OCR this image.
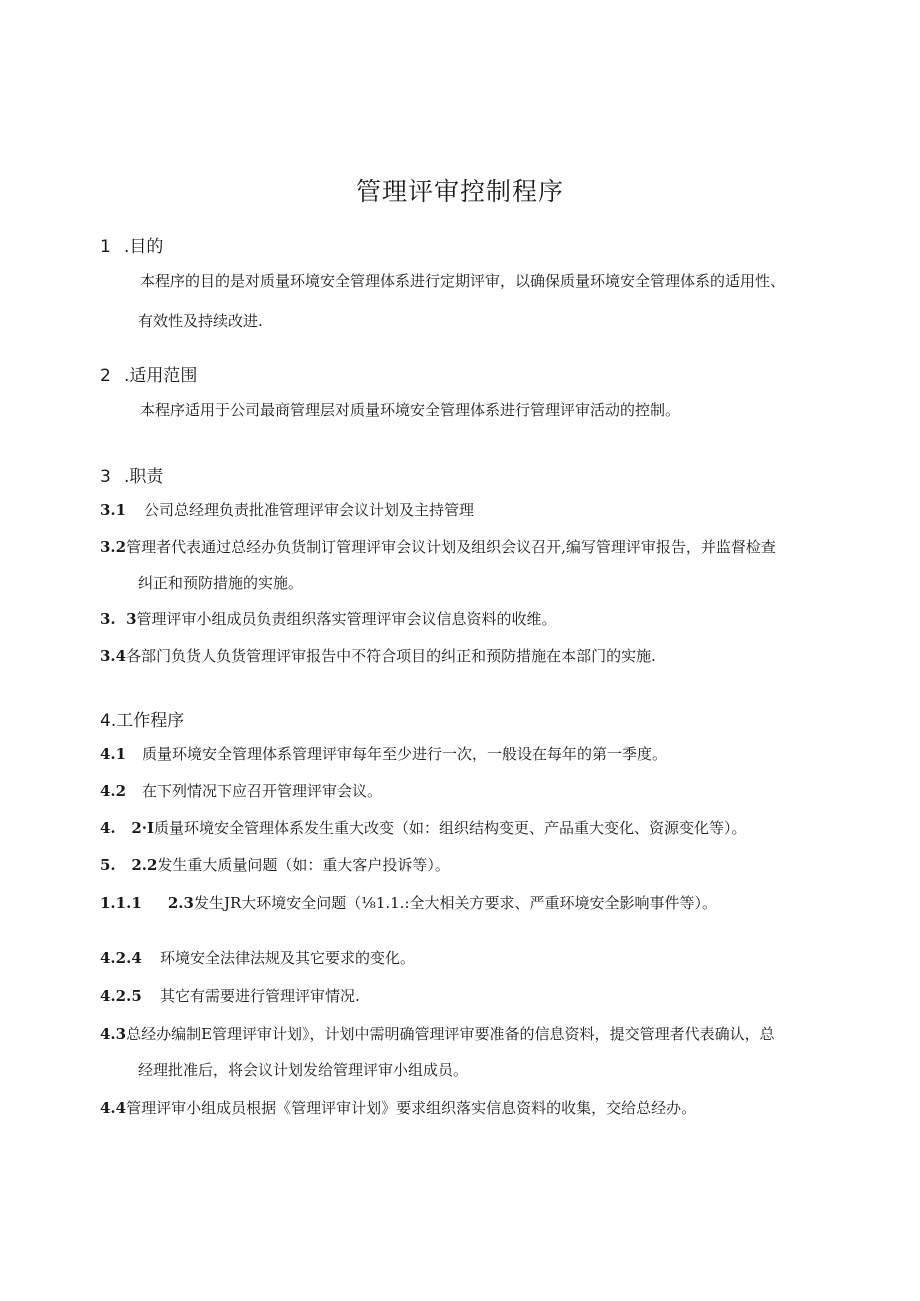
管理评审控制程序
1 .目的
本程序的目的是对质量环境安全管理体系进行定期评审，以确保质量环境安全管理体系的适用性、
有效性及持续改进.
2 .适用范围
本程序适用于公司最商管理层对质量环境安全管理体系进行管理评审活动的控制。
3 .职责
3.1 公司总经理负责批准管理评审会议计划及主持管理
3.2管理者代表通过总经办负货制订管理评审会议计划及组织会议召开,编写管理评审报告，并监督检查
纠正和预防措施的实施。
3.  3管理评审小组成员负责组织落实管理评审会议信息资料的收维。
3.4各部门负货人负货管理评审报告中不符合项目的纠正和预防措施在本部门的实施.
4.工作程序
4.1 质量环境安全管理体系管理评审每年至少进行一次，一般设在每年的第一季度。
4.2 在下列情况下应召开管理评审会议。
4.   2·I质量环境安全管理体系发生重大改变（如：组织结构变更、产品重大变化、资源变化等）。
5.   2.2发生重大质量问题（如：重大客户投诉等）。
1.1.1     2.3发生JR大环境安全问题（⅛1.1.:全大相关方要求、严重环境安全影响事件等）。
4.2.4 环境安全法律法规及其它要求的变化。
4.2.5 其它有需要进行管理评审情况.
4.3总经办编制E管理评审计划》，计划中需明确管理评审要准备的信息资料，提交管理者代表确认，总
经理批准后，将会议计划发给管理评审小组成员。
4.4管理评审小组成员根据《管理评审计划》要求组织落实信息资料的收集，交给总经办。
